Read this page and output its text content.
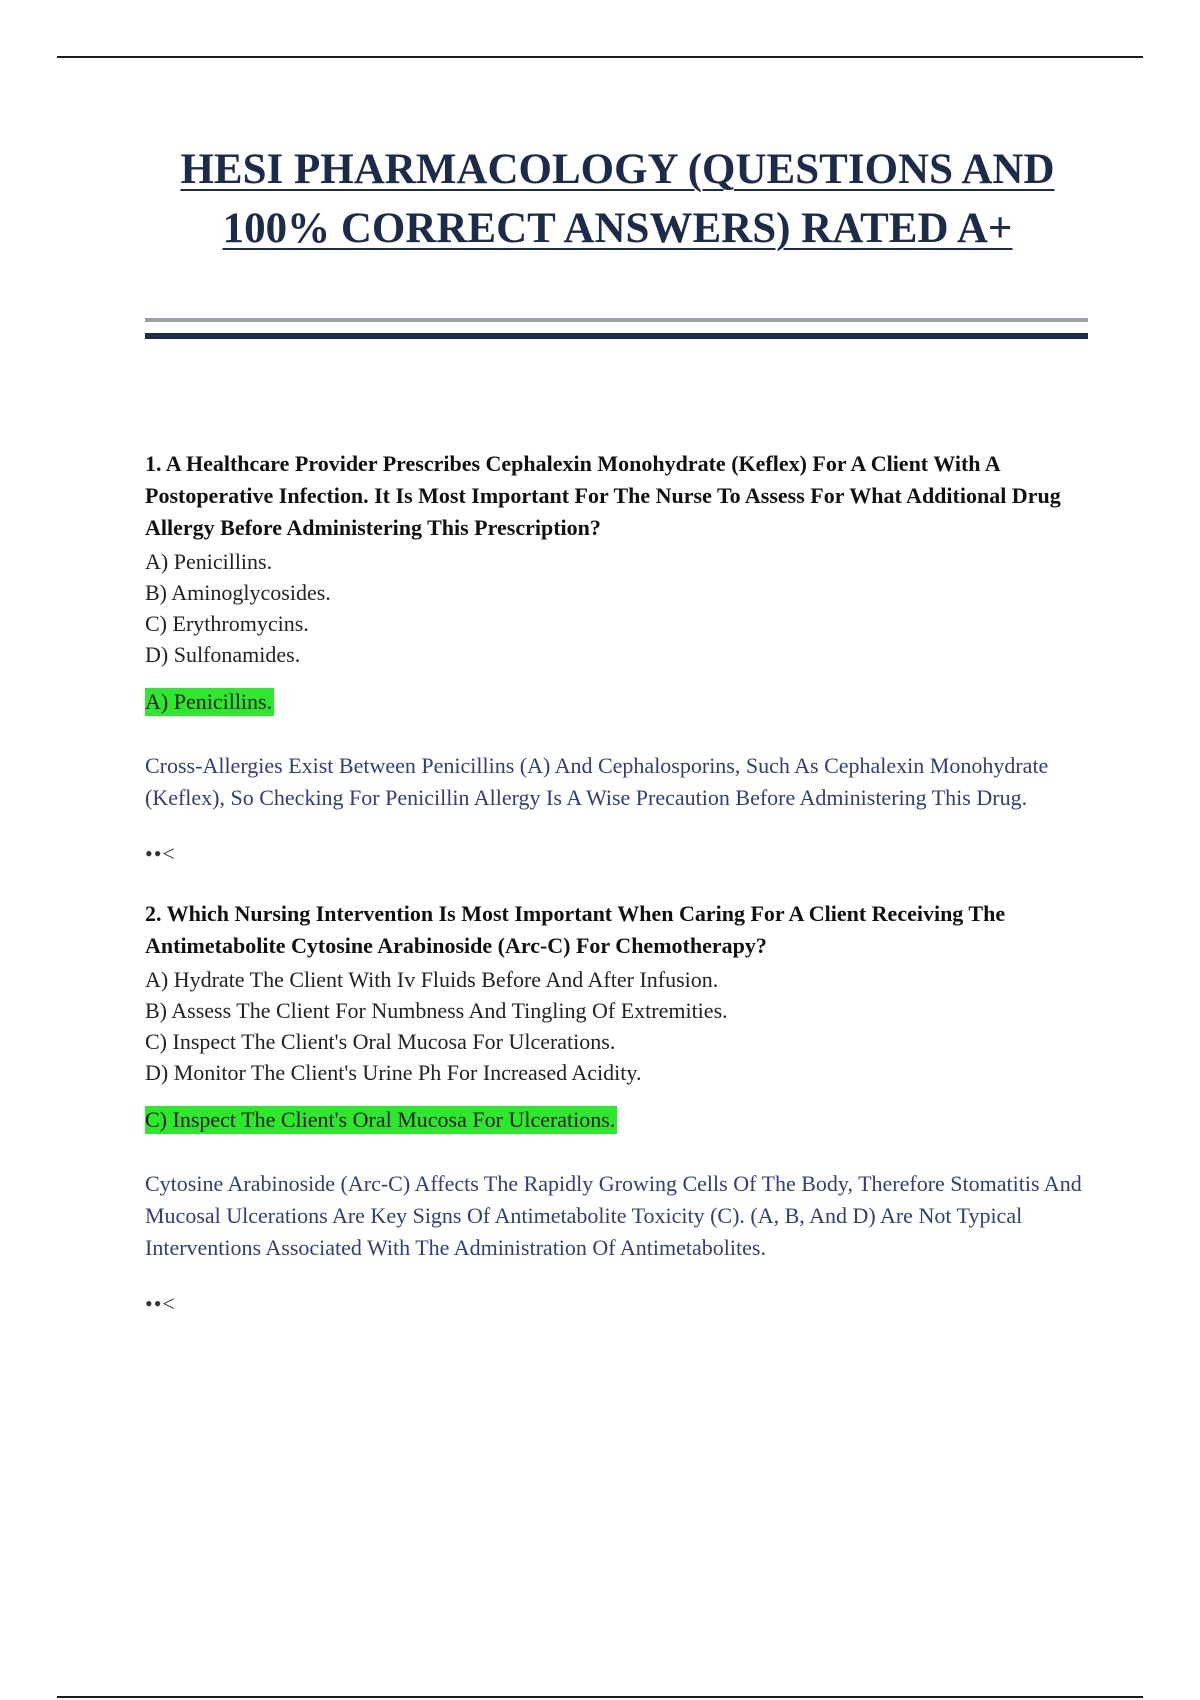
HESI PHARMACOLOGY (QUESTIONS AND
100% CORRECT ANSWERS) RATED A+

1. A Healthcare Provider Prescribes Cephalexin Monohydrate (Keflex) For A Client With A Postoperative Infection. It Is Most Important For The Nurse To Assess For What Additional Drug Allergy Before Administering This Prescription?

A) Penicillins.
B) Aminoglycosides.
C) Erythromycins.
D) Sulfonamides.
A) Penicillins.

Cross-Allergies Exist Between Penicillins (A) And Cephalosporins, Such As Cephalexin Monohydrate (Keflex), So Checking For Penicillin Allergy Is A Wise Precaution Before Administering This Drug.

••<

2. Which Nursing Intervention Is Most Important When Caring For A Client Receiving The Antimetabolite Cytosine Arabinoside (Arc-C) For Chemotherapy?

A) Hydrate The Client With Iv Fluids Before And After Infusion.
B) Assess The Client For Numbness And Tingling Of Extremities.
C) Inspect The Client's Oral Mucosa For Ulcerations.
D) Monitor The Client's Urine Ph For Increased Acidity.
C) Inspect The Client's Oral Mucosa For Ulcerations.

Cytosine Arabinoside (Arc-C) Affects The Rapidly Growing Cells Of The Body, Therefore Stomatitis And Mucosal Ulcerations Are Key Signs Of Antimetabolite Toxicity (C). (A, B, And D) Are Not Typical Interventions Associated With The Administration Of Antimetabolites.

••<
